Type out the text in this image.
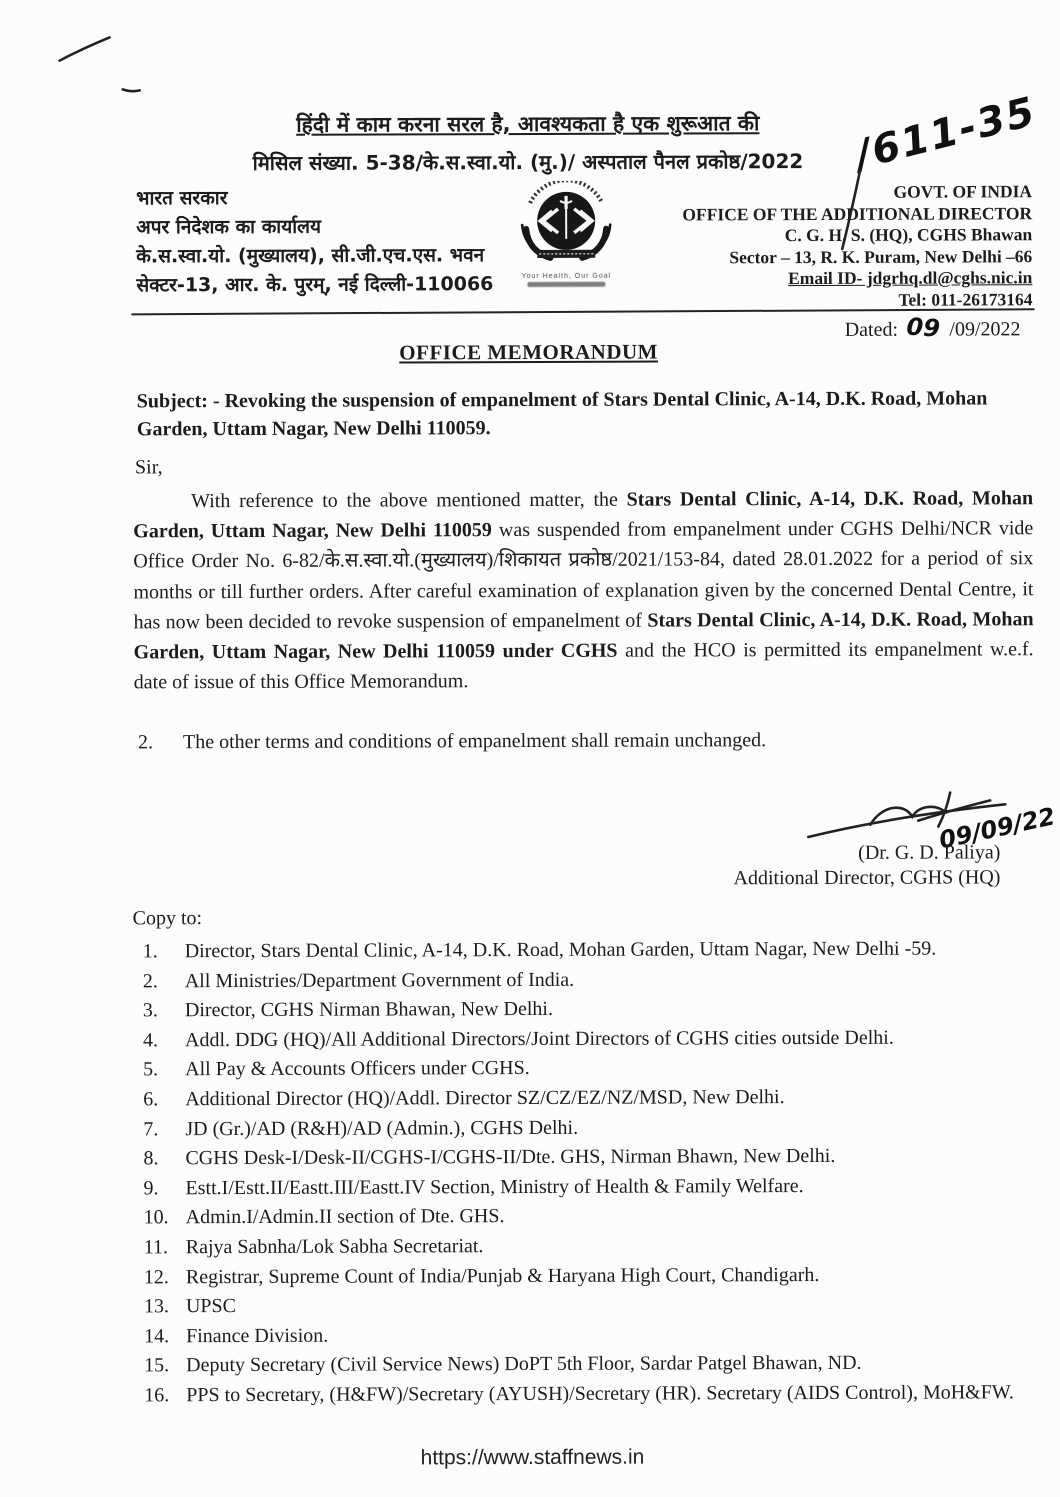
हिंदी में काम करना सरल है, आवश्यकता है एक शुरूआत की
मिसिल संख्या. 5-38/के.स.स्वा.यो. (मु.)/ अस्पताल पैनल प्रकोष्ठ/2022	/611-35
भारत सरकार
अपर निदेशक का कार्यालय
के.स.स्वा.यो. (मुख्यालय), सी.जी.एच.एस. भवन
सेक्टर-13, आर. के. पुरम्, नई दिल्ली-110066	Your Health, Our Goal
GOVT. OF INDIA
OFFICE OF THE ADDITIONAL DIRECTOR
C. G. H. S. (HQ), CGHS Bhawan
Sector – 13, R. K. Puram, New Delhi –66
Email ID- jdgrhq.dl@cghs.nic.in
Tel: 011-26173164
Dated: 09 /09/2022
OFFICE MEMORANDUM
Subject: - Revoking the suspension of empanelment of Stars Dental Clinic, A-14, D.K. Road, Mohan Garden, Uttam Nagar, New Delhi 110059.
Sir,
With reference to the above mentioned matter, the Stars Dental Clinic, A-14, D.K. Road, Mohan Garden, Uttam Nagar, New Delhi 110059 was suspended from empanelment under CGHS Delhi/NCR vide Office Order No. 6-82/के.स.स्वा.यो.(मुख्यालय)/शिकायत प्रकोष्ठ/2021/153-84, dated 28.01.2022 for a period of six months or till further orders. After careful examination of explanation given by the concerned Dental Centre, it has now been decided to revoke suspension of empanelment of Stars Dental Clinic, A-14, D.K. Road, Mohan Garden, Uttam Nagar, New Delhi 110059 under CGHS and the HCO is permitted its empanelment w.e.f. date of issue of this Office Memorandum.
2. The other terms and conditions of empanelment shall remain unchanged.
09/09/22
(Dr. G. D. Paliya)
Additional Director, CGHS (HQ)
Copy to:
1.	Director, Stars Dental Clinic, A-14, D.K. Road, Mohan Garden, Uttam Nagar, New Delhi -59.
2.	All Ministries/Department Government of India.
3.	Director, CGHS Nirman Bhawan, New Delhi.
4.	Addl. DDG (HQ)/All Additional Directors/Joint Directors of CGHS cities outside Delhi.
5.	All Pay & Accounts Officers under CGHS.
6.	Additional Director (HQ)/Addl. Director SZ/CZ/EZ/NZ/MSD, New Delhi.
7.	JD (Gr.)/AD (R&H)/AD (Admin.), CGHS Delhi.
8.	CGHS Desk-I/Desk-II/CGHS-I/CGHS-II/Dte. GHS, Nirman Bhawn, New Delhi.
9.	Estt.I/Estt.II/Eastt.III/Eastt.IV Section, Ministry of Health & Family Welfare.
10. Admin.I/Admin.II section of Dte. GHS.
11. Rajya Sabnha/Lok Sabha Secretariat.
12. Registrar, Supreme Count of India/Punjab & Haryana High Court, Chandigarh.
13. UPSC
14. Finance Division.
15. Deputy Secretary (Civil Service News) DoPT 5th Floor, Sardar Patgel Bhawan, ND.
16. PPS to Secretary, (H&FW)/Secretary (AYUSH)/Secretary (HR). Secretary (AIDS Control), MoH&FW.
https://www.staffnews.in
